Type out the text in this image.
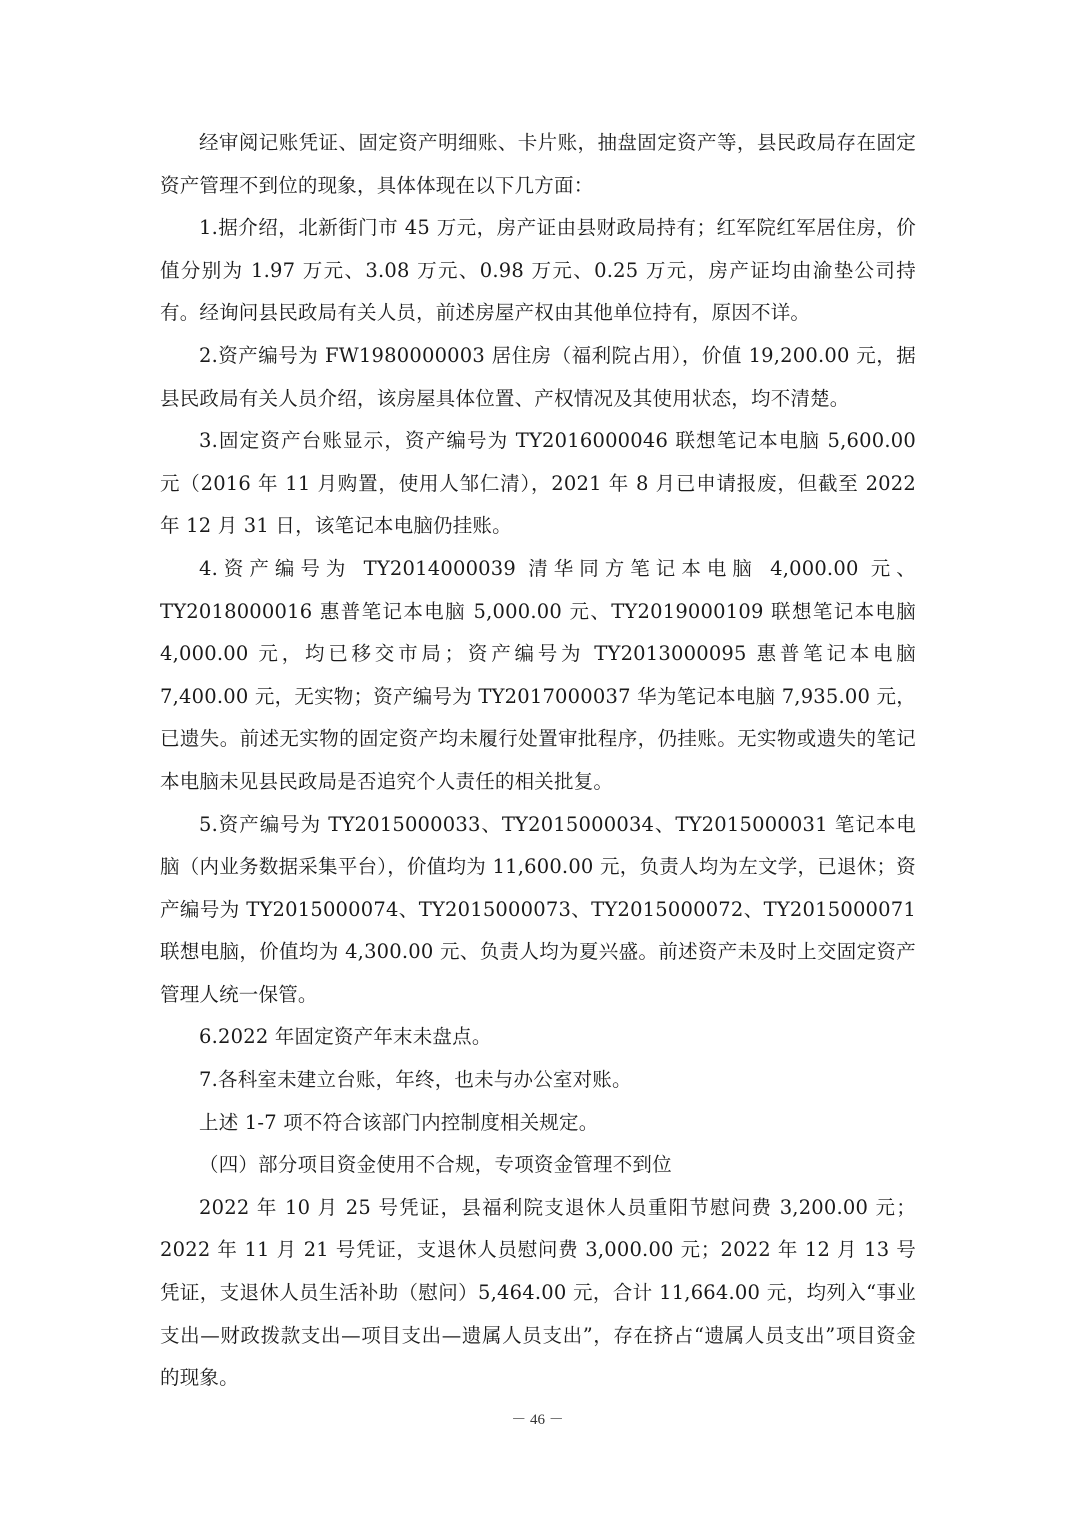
经审阅记账凭证、固定资产明细账、卡片账，抽盘固定资产等，县民政局存在固定资产管理不到位的现象，具体体现在以下几方面：

1.据介绍，北新街门市 45 万元，房产证由县财政局持有；红军院红军居住房，价值分别为 1.97 万元、3.08 万元、0.98 万元、0.25 万元，房产证均由渝垫公司持有。经询问县民政局有关人员，前述房屋产权由其他单位持有，原因不详。

2.资产编号为 FW1980000003 居住房（福利院占用），价值 19,200.00 元，据县民政局有关人员介绍，该房屋具体位置、产权情况及其使用状态，均不清楚。

3.固定资产台账显示，资产编号为 TY2016000046 联想笔记本电脑 5,600.00 元（2016 年 11 月购置，使用人邹仁清），2021 年 8 月已申请报废，但截至 2022 年 12 月 31 日，该笔记本电脑仍挂账。

4.资产编号为 TY2014000039 清华同方笔记本电脑 4,000.00 元、TY2018000016 惠普笔记本电脑 5,000.00 元、TY2019000109 联想笔记本电脑 4,000.00 元，均已移交市局；资产编号为 TY2013000095 惠普笔记本电脑 7,400.00 元，无实物；资产编号为 TY2017000037 华为笔记本电脑 7,935.00 元，已遗失。前述无实物的固定资产均未履行处置审批程序，仍挂账。无实物或遗失的笔记本电脑未见县民政局是否追究个人责任的相关批复。

5.资产编号为 TY2015000033、TY2015000034、TY2015000031 笔记本电脑（内业务数据采集平台），价值均为 11,600.00 元，负责人均为左文学，已退休；资产编号为 TY2015000074、TY2015000073、TY2015000072、TY2015000071 联想电脑，价值均为 4,300.00 元、负责人均为夏兴盛。前述资产未及时上交固定资产管理人统一保管。

6.2022 年固定资产年末未盘点。

7.各科室未建立台账，年终，也未与办公室对账。

上述 1-7 项不符合该部门内控制度相关规定。

（四）部分项目资金使用不合规，专项资金管理不到位

2022 年 10 月 25 号凭证，县福利院支退休人员重阳节慰问费 3,200.00 元；2022 年 11 月 21 号凭证，支退休人员慰问费 3,000.00 元；2022 年 12 月 13 号凭证，支退休人员生活补助（慰问）5,464.00 元，合计 11,664.00 元，均列入“事业支出—财政拨款支出—项目支出—遗属人员支出”，存在挤占“遗属人员支出”项目资金的现象。

－ 46 －
